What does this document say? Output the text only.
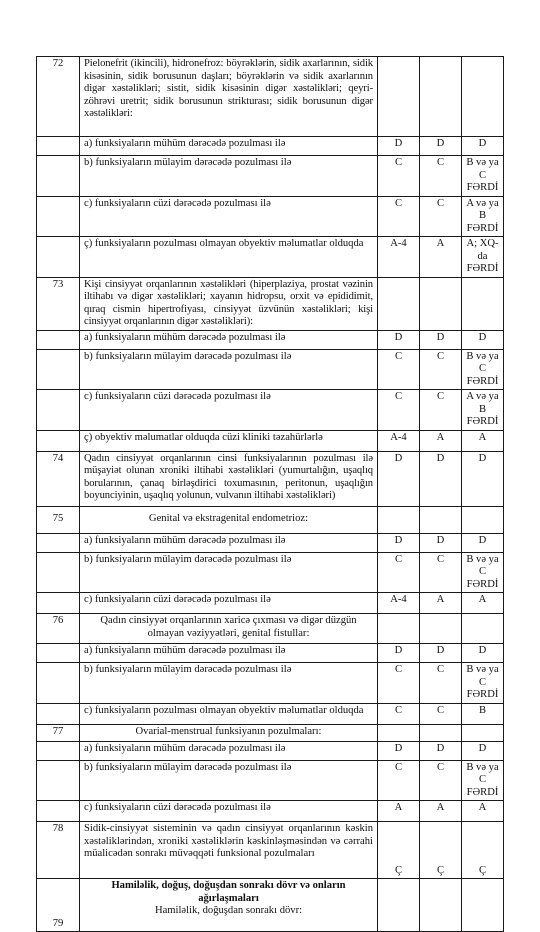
72	Pielonefrit (ikincili), hidronefroz: böyrəklərin, sidik axarlarının, sidik kisəsinin, sidik borusunun daşları; böyrəklərin və sidik axarlarının digər xəstəlikləri; sistit, sidik kisəsinin digər xəstəlikləri; qeyri-zöhrəvi uretrit; sidik borusunun strikturası; sidik borusunun digər xəstəlikləri:			
	a) funksiyaların mühüm dərəcədə pozulması ilə	D	D	D
	b) funksiyaların mülayim dərəcədə pozulması ilə	C	C	B və ya C
FƏRDİ

	c) funksiyaların cüzi dərəcədə pozulması ilə	C	C	A və ya B
FƏRDİ

	ç) funksiyaların pozulması olmayan obyektiv məlumatlar olduqda	A-4	A	A; XQ-da
FƏRDİ

73	Kişi cinsiyyət orqanlarının xəstəlikləri (hiperplaziya, prostat vəzinin iltihabı və digər xəstəlikləri; xayanın hidropsu, orxit və epididimit, qıraq cismin hipertrofiyası, cinsiyyət üzvünün xəstəlikləri; kişi cinsiyyət orqanlarının digər xəstəlikləri):			
	a) funksiyaların mühüm dərəcədə pozulması ilə	D	D	D
	b) funksiyaların mülayim dərəcədə pozulması ilə	C	C	B və ya C
FƏRDİ

	c) funksiyaların cüzi dərəcədə pozulması ilə	C	C	A və ya B
FƏRDİ

	ç) obyektiv məlumatlar olduqda cüzi kliniki təzahürlərlə	A-4	A	A
74	Qadın cinsiyyət orqanlarının cinsi funksiyalarının pozulması ilə müşayiət olunan xroniki iltihabi xəstəlikləri (yumurtalığın, uşaqlıq borularının, çanaq birləşdirici toxumasının, peritonun, uşaqlığın boyunciyinin, uşaqlıq yolunun, vulvanın iltihabi xəstəlikləri)	D	D	D
75	Genital və ekstragenital endometrioz:			
	a) funksiyaların mühüm dərəcədə pozulması ilə	D	D	D
	b) funksiyaların mülayim dərəcədə pozulması ilə	C	C	B və ya C
FƏRDİ

	c) funksiyaların cüzi dərəcədə pozulması ilə	A-4	A	A
76	Qadın cinsiyyət orqanlarının xaricə çıxması və digər düzgün olmayan vəziyyətləri, genital fistullar:			
	a) funksiyaların mühüm dərəcədə pozulması ilə	D	D	D
	b) funksiyaların mülayim dərəcədə pozulması ilə	C	C	B və ya C
FƏRDİ

	c) funksiyaların pozulması olmayan obyektiv məlumatlar olduqda	C	C	B
77	Ovarial-menstrual funksiyanın pozulmaları:			
	a) funksiyaların mühüm dərəcədə pozulması ilə	D	D	D
	b) funksiyaların mülayim dərəcədə pozulması ilə	C	C	B və ya C
FƏRDİ

	c) funksiyaların cüzi dərəcədə pozulması ilə	A	A	A
78	Sidik-cinsiyyət sisteminin və qadın cinsiyyət orqanlarının kəskin xəstəliklərindən, xroniki xəstəliklərin kəskinləşməsindən və cərrahi müalicədən sonrakı müvəqqəti funksional pozulmaları	Ç	Ç	Ç
79	Hamiləlik, doğuş, doğuşdan sonrakı dövr və onların ağırlaşmaları
Hamiləlik, doğuşdan sonrakı dövr:			
